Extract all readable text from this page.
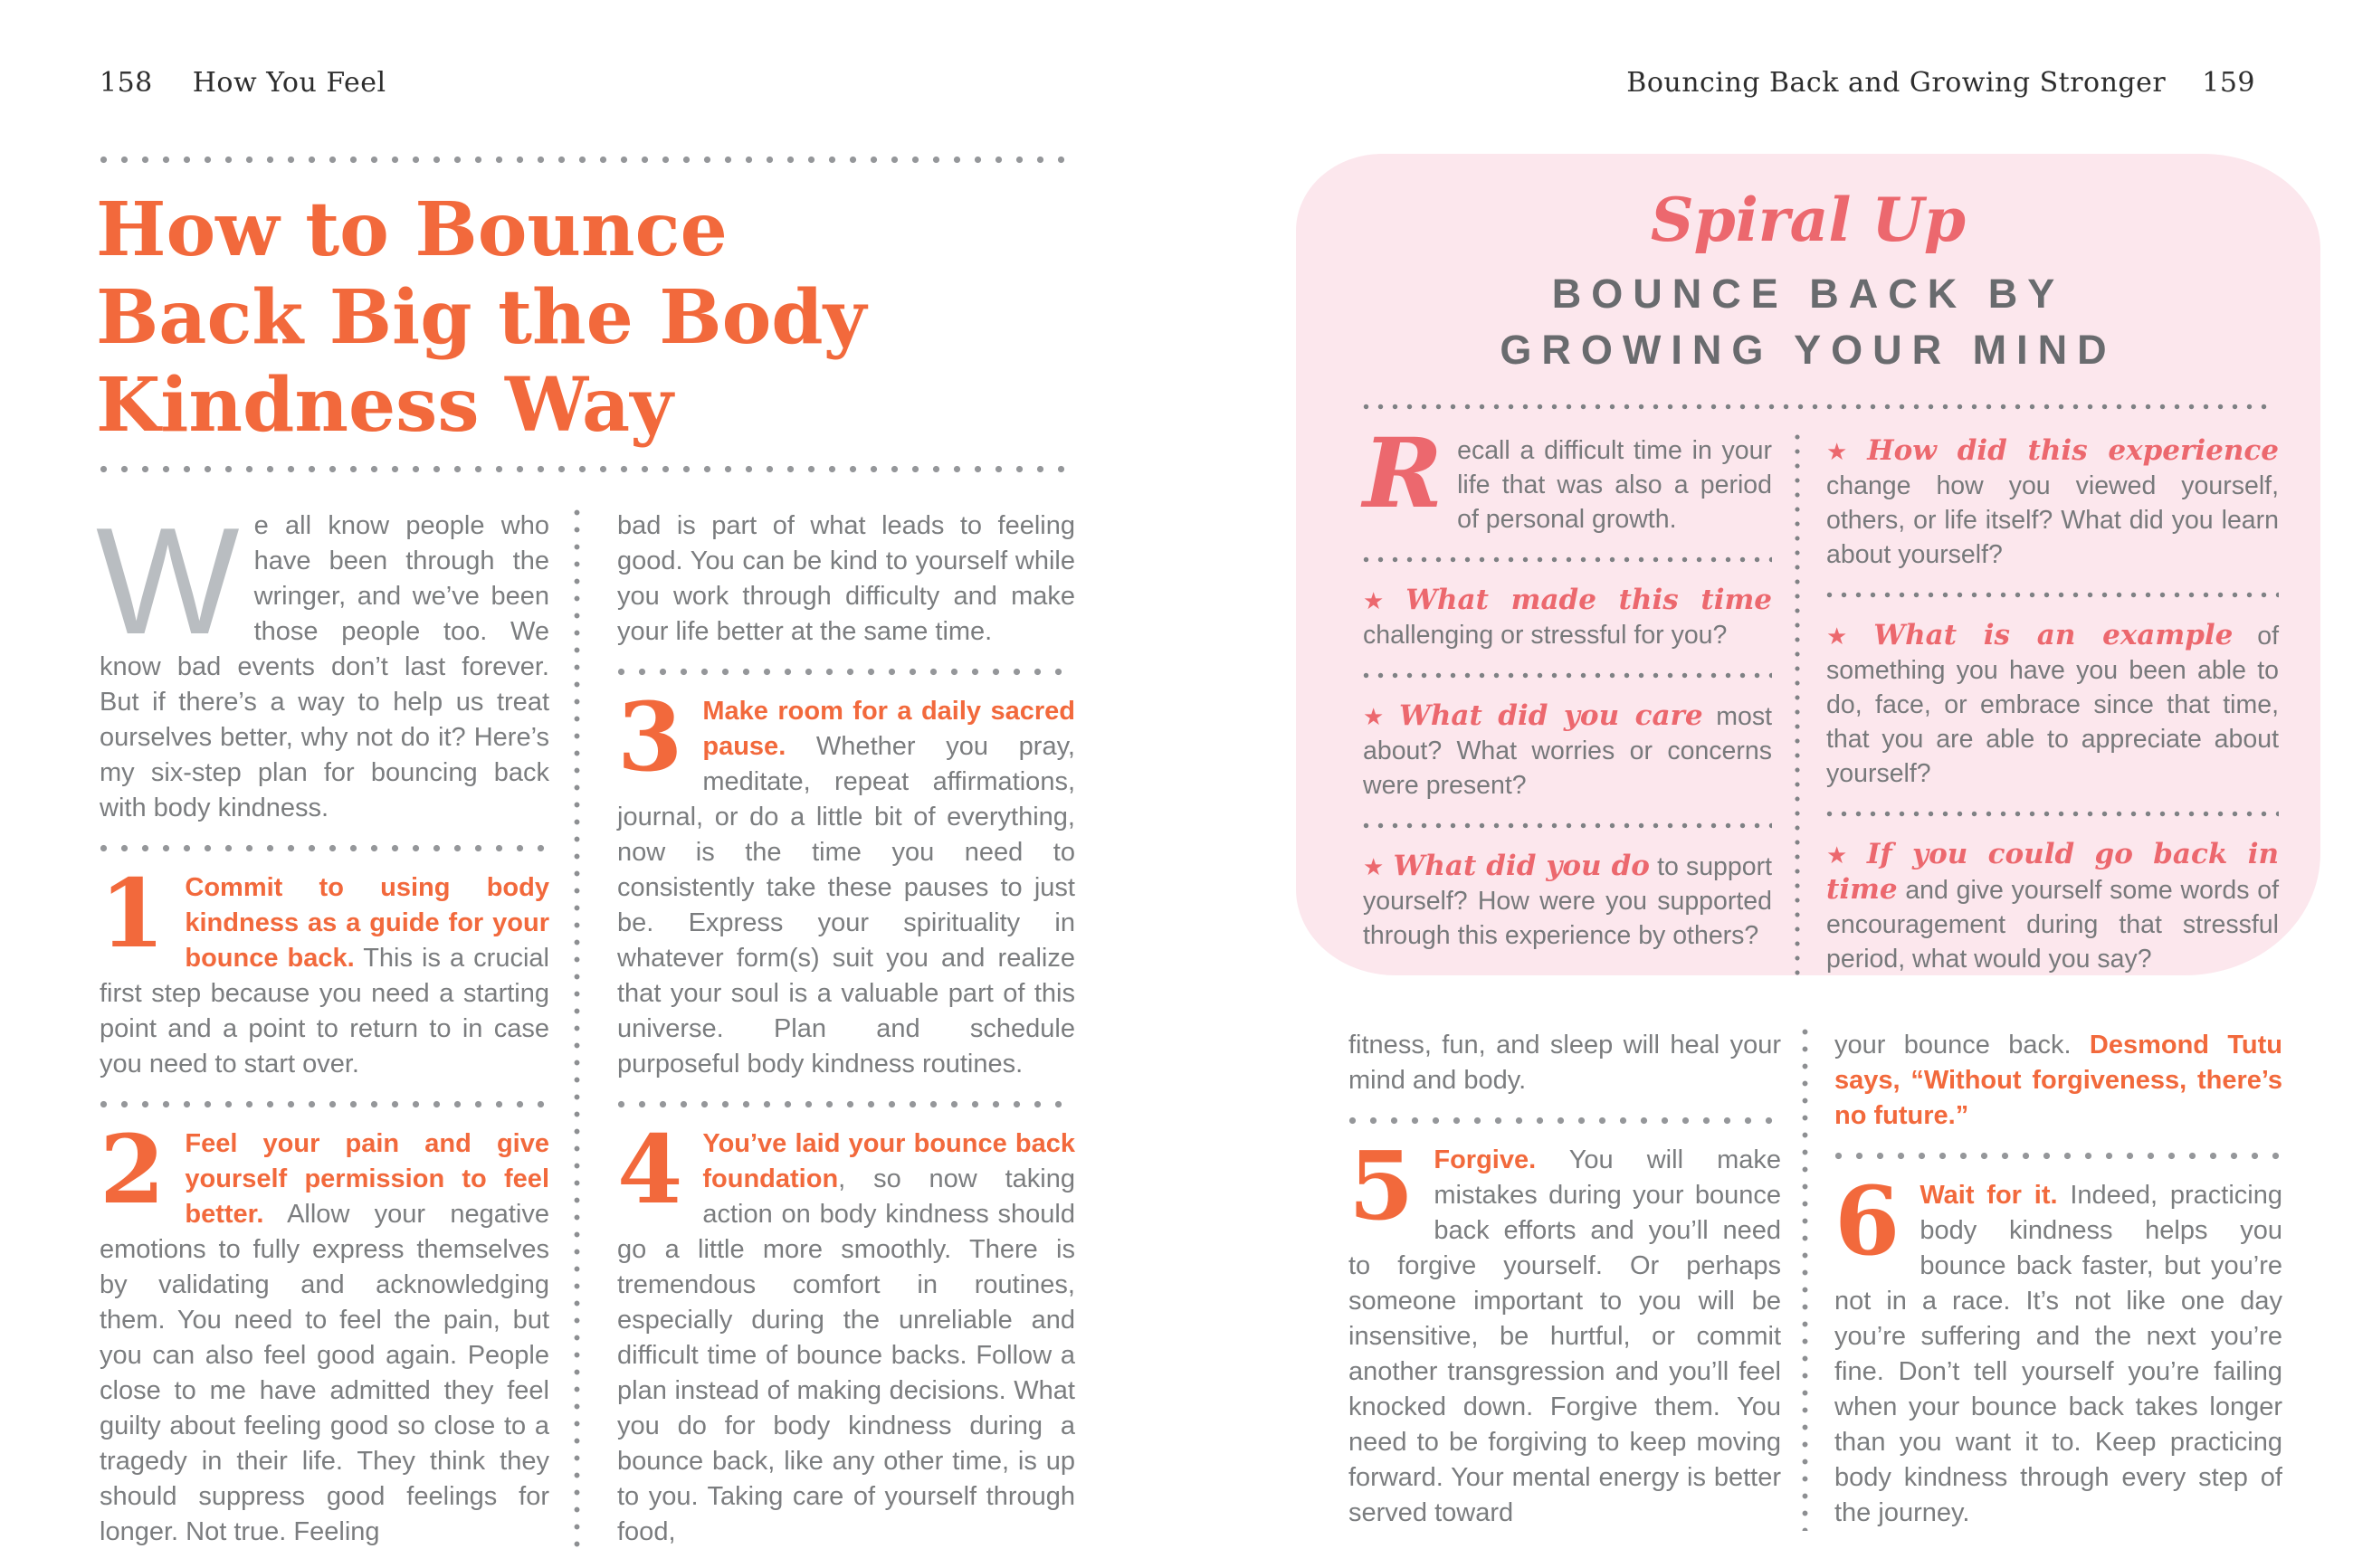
158 How You Feel
How to Bounce
Back Big the Body
Kindness Way

We all know people who have been through the wringer, and we’ve been those people too. We know bad events don’t last forever. But if there’s a way to help us treat ourselves better, why not do it? Here’s my six-step plan for bouncing back with body kindness.

1 Commit to using body kindness as a guide for your bounce back. This is a crucial first step because you need a starting point and a point to return to in case you need to start over.

2 Feel your pain and give yourself permission to feel better. Allow your negative emotions to fully express themselves by validating and acknowledging them. You need to feel the pain, but you can also feel good again. People close to me have admitted they feel guilty about feeling good so close to a tragedy in their life. They think they should suppress good feelings for longer. Not true. Feeling

bad is part of what leads to feeling good. You can be kind to yourself while you work through difficulty and make your life better at the same time.

3 Make room for a daily sacred pause. Whether you pray, meditate, repeat affirmations, journal, or do a little bit of everything, now is the time you need to consistently take these pauses to just be. Express your spirituality in whatever form(s) suit you and realize that your soul is a valuable part of this universe. Plan and schedule purposeful body kindness routines.

4 You’ve laid your bounce back foundation, so now taking action on body kindness should go a little more smoothly. There is tremendous comfort in routines, especially during the unreliable and difficult time of bounce backs. Follow a plan instead of making decisions. What you do for body kindness during a bounce back, like any other time, is up to you. Taking care of yourself through food,

Bouncing Back and Growing Stronger 159
Spiral Up
BOUNCE BACK BY
GROWING YOUR MIND

Recall a difficult time in your life that was also a period of personal growth.

★ What made this time challenging or stressful for you?

★ What did you care most about? What worries or concerns were present?

★ What did you do to support yourself? How were you supported through this experience by others?

★ How did this experience change how you viewed yourself, others, or life itself? What did you learn about yourself?

★ What is an example of something you have you been able to do, face, or embrace since that time, that you are able to appreciate about yourself?

★ If you could go back in time and give yourself some words of encouragement during that stressful period, what would you say?

fitness, fun, and sleep will heal your mind and body.

5 Forgive. You will make mistakes during your bounce back efforts and you’ll need to forgive yourself. Or perhaps someone important to you will be insensitive, be hurtful, or commit another transgression and you’ll feel knocked down. Forgive them. You need to be forgiving to keep moving forward. Your mental energy is better served toward

your bounce back. Desmond Tutu says, “Without forgiveness, there’s no future.”

6 Wait for it. Indeed, practicing body kindness helps you bounce back faster, but you’re not in a race. It’s not like one day you’re suffering and the next you’re fine. Don’t tell yourself you’re failing when your bounce back takes longer than you want it to. Keep practicing body kindness through every step of the journey.
